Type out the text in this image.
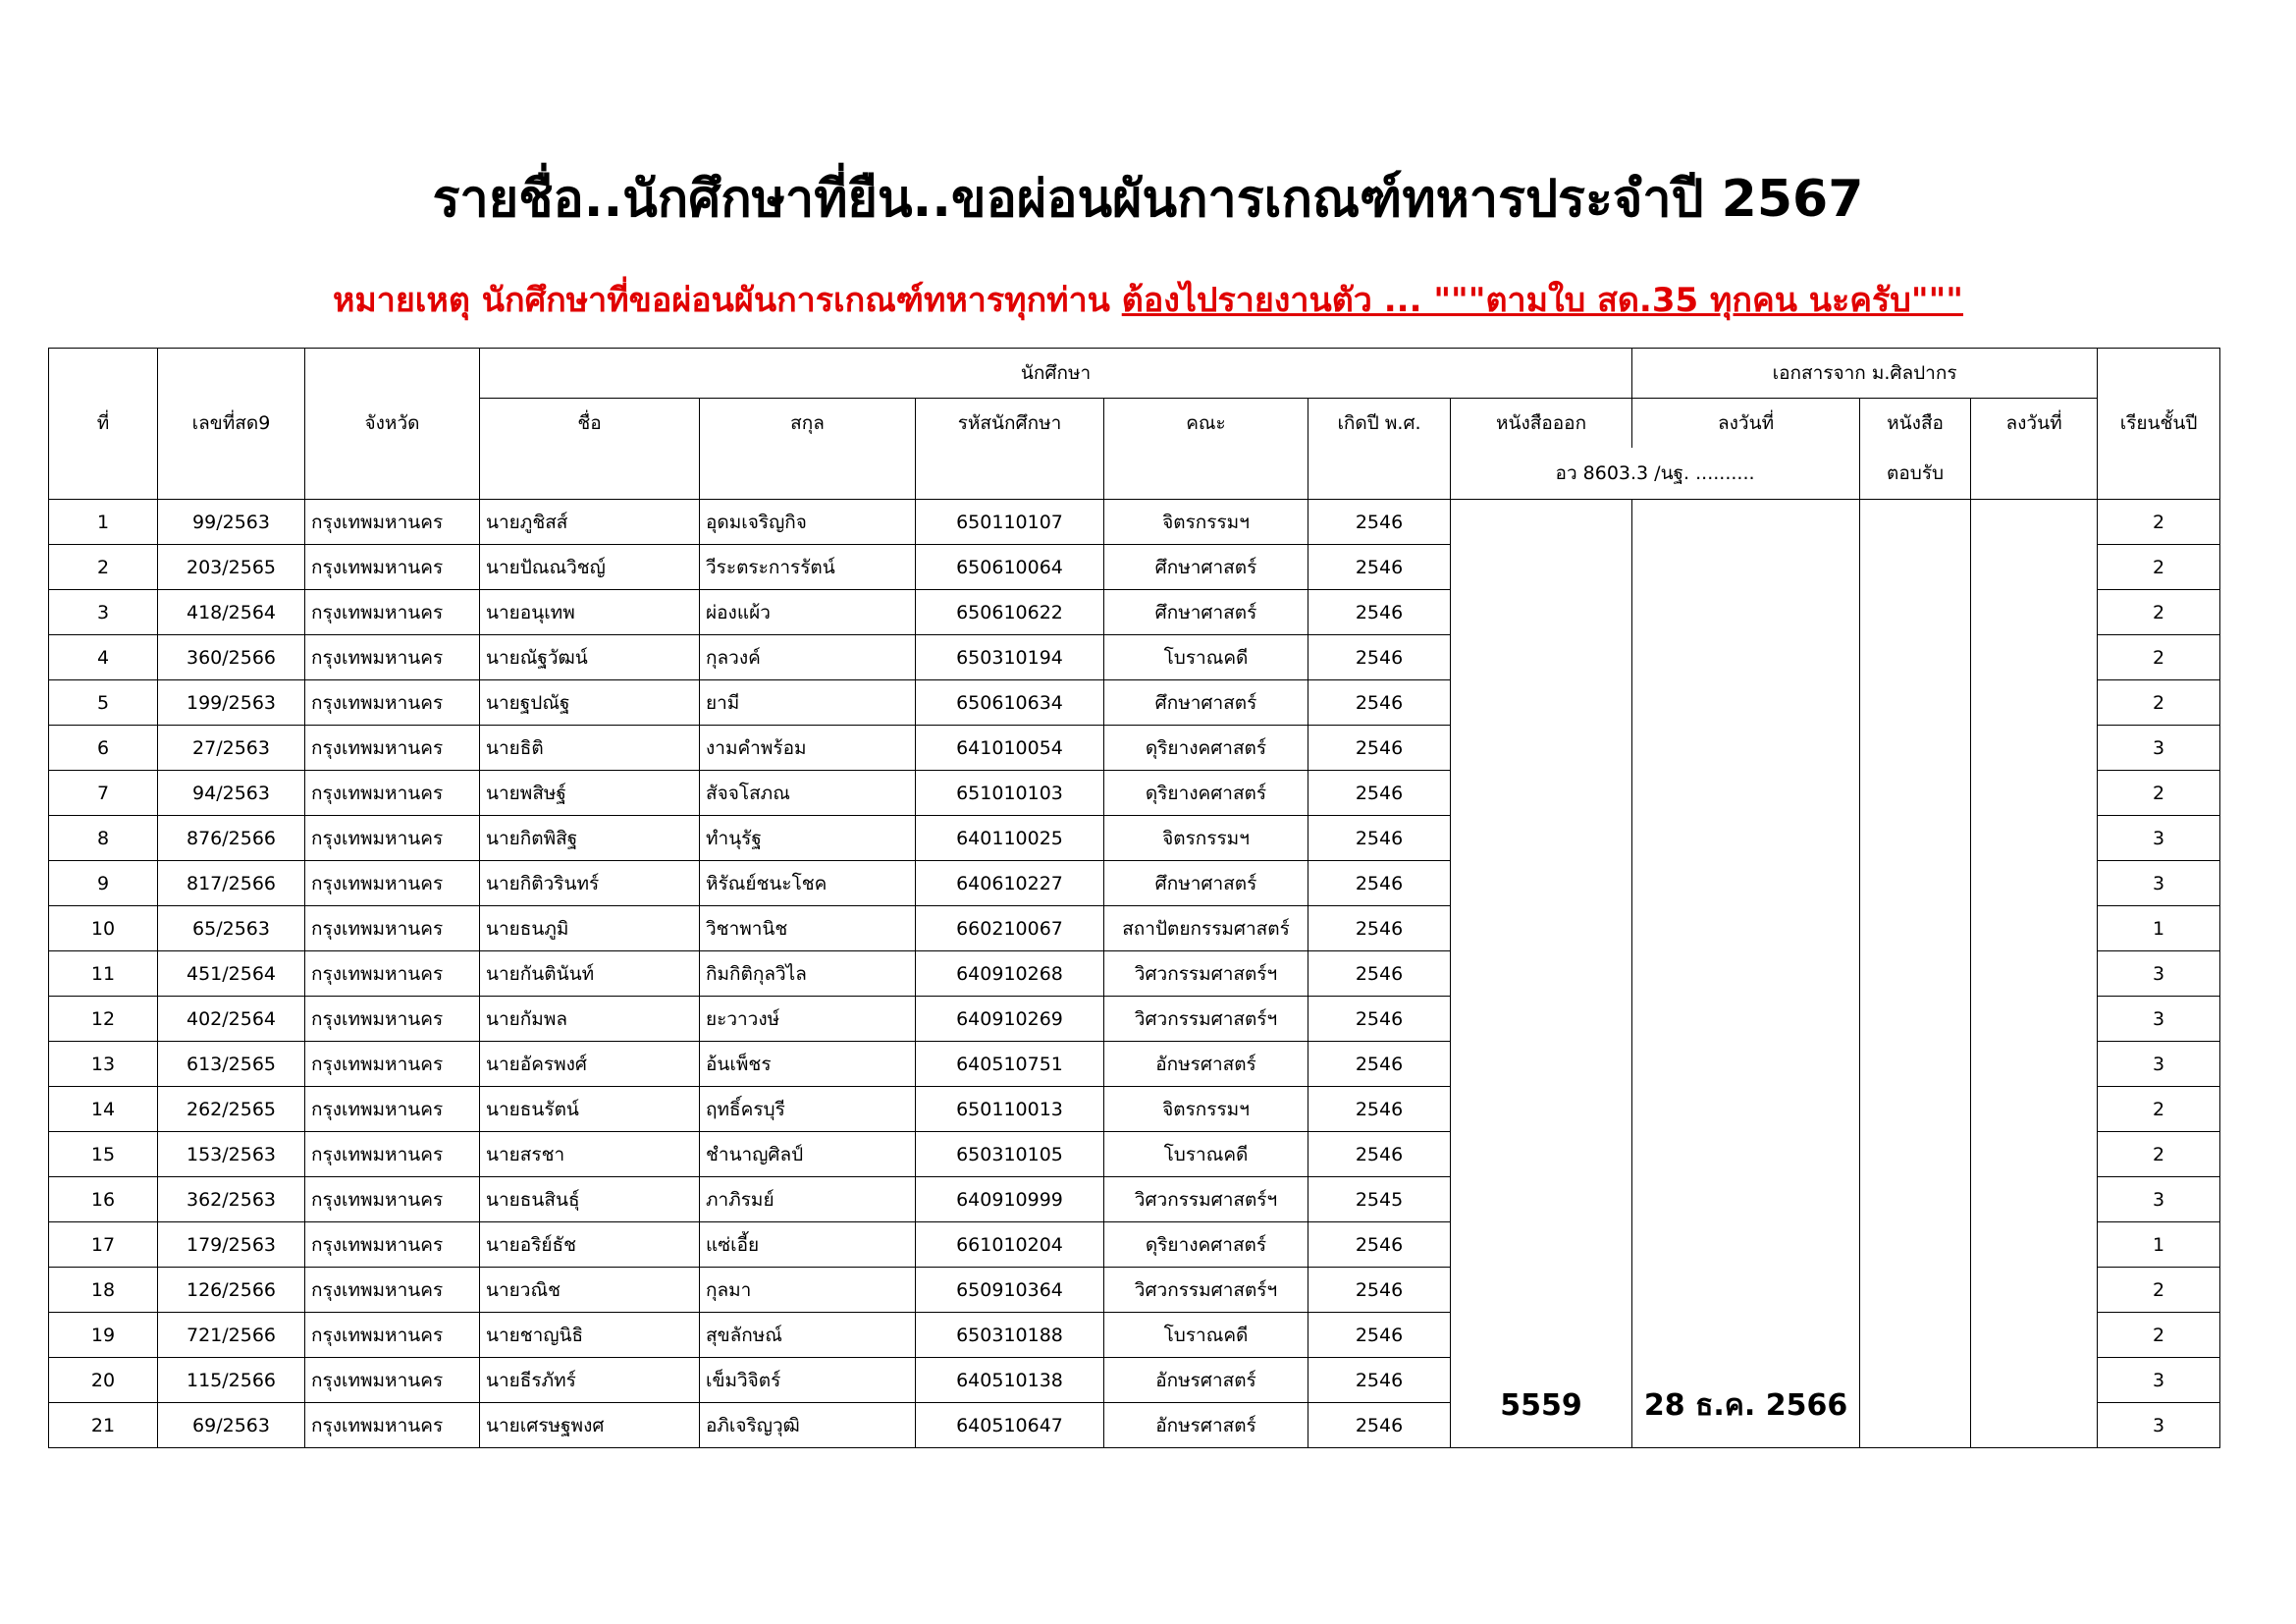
รายชื่อ..นักศึกษาที่ยืน..ขอผ่อนผันการเกณฑ์ทหารประจำปี 2567
หมายเหตุ นักศึกษาที่ขอผ่อนผันการเกณฑ์ทหารทุกท่าน ต้องไปรายงานตัว ... """ตามใบ สด.35 ทุกคน นะครับ"""
			นักศึกษา						เอกสารจาก ม.ศิลปากร			
ที่	เลขที่สด9	จังหวัด	ชื่อ	สกุล	รหัสนักศึกษา	คณะ	เกิดปี พ.ศ.	หนังสือออก	ลงวันที่	หนังสือ	ลงวันที่	เรียนชั้นปี
								อว 8603.3 /นฐ. ..........		ตอบรับ		
1	99/2563	กรุงเทพมหานคร	นายภูชิสส์	อุดมเจริญกิจ	650110107	จิตรกรรมฯ	2546	5559	28 ธ.ค. 2566			2
2	203/2565	กรุงเทพมหานคร	นายปัณณวิชญ์	วีระตระการรัตน์	650610064	ศึกษาศาสตร์	2546					2
3	418/2564	กรุงเทพมหานคร	นายอนุเทพ	ผ่องแผ้ว	650610622	ศึกษาศาสตร์	2546					2
4	360/2566	กรุงเทพมหานคร	นายณัฐวัฒน์	กุลวงค์	650310194	โบราณคดี	2546					2
5	199/2563	กรุงเทพมหานคร	นายฐปณัฐ	ยามี	650610634	ศึกษาศาสตร์	2546					2
6	27/2563	กรุงเทพมหานคร	นายธิติ	งามคำพร้อม	641010054	ดุริยางคศาสตร์	2546					3
7	94/2563	กรุงเทพมหานคร	นายพสิษฐ์	สัจจโสภณ	651010103	ดุริยางคศาสตร์	2546					2
8	876/2566	กรุงเทพมหานคร	นายกิตพิสิฐ	ทำนุรัฐ	640110025	จิตรกรรมฯ	2546					3
9	817/2566	กรุงเทพมหานคร	นายกิติวรินทร์	หิรัณย์ชนะโชค	640610227	ศึกษาศาสตร์	2546					3
10	65/2563	กรุงเทพมหานคร	นายธนภูมิ	วิชาพานิช	660210067	สถาปัตยกรรมศาสตร์	2546					1
11	451/2564	กรุงเทพมหานคร	นายกันตินันท์	กิมกิติกุลวิไล	640910268	วิศวกรรมศาสตร์ฯ	2546					3
12	402/2564	กรุงเทพมหานคร	นายกัมพล	ยะวาวงษ์	640910269	วิศวกรรมศาสตร์ฯ	2546					3
13	613/2565	กรุงเทพมหานคร	นายอัครพงศ์	อ้นเพ็ชร	640510751	อักษรศาสตร์	2546					3
14	262/2565	กรุงเทพมหานคร	นายธนรัตน์	ฤทธิ์ครบุรี	650110013	จิตรกรรมฯ	2546					2
15	153/2563	กรุงเทพมหานคร	นายสรชา	ชำนาญศิลป์	650310105	โบราณคดี	2546					2
16	362/2563	กรุงเทพมหานคร	นายธนสินธุ์	ภาภิรมย์	640910999	วิศวกรรมศาสตร์ฯ	2545					3
17	179/2563	กรุงเทพมหานคร	นายอริย์ธัช	แซ่เอี้ย	661010204	ดุริยางคศาสตร์	2546					1
18	126/2566	กรุงเทพมหานคร	นายวณิช	กุลมา	650910364	วิศวกรรมศาสตร์ฯ	2546					2
19	721/2566	กรุงเทพมหานคร	นายชาญนิธิ	สุขลักษณ์	650310188	โบราณคดี	2546					2
20	115/2566	กรุงเทพมหานคร	นายธีรภัทร์	เข็มวิจิตร์	640510138	อักษรศาสตร์	2546					3
21	69/2563	กรุงเทพมหานคร	นายเศรษฐพงศ	อภิเจริญวุฒิ	640510647	อักษรศาสตร์	2546					3
